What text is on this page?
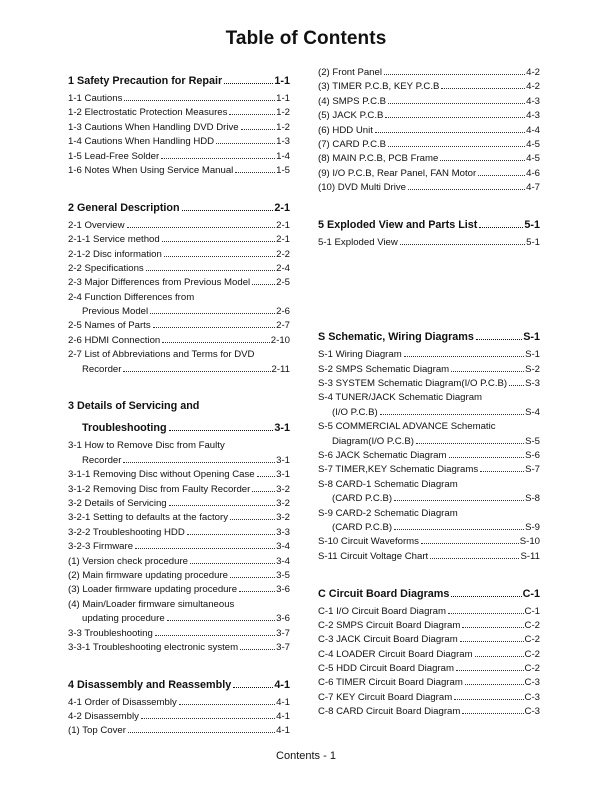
Table of Contents
1 Safety Precaution for Repair	1-1
1-1 Cautions	1-1
1-2 Electrostatic Protection Measures	1-2
1-3 Cautions When Handling DVD Drive	1-2
1-4 Cautions When Handling HDD	1-3
1-5 Lead-Free Solder	1-4
1-6 Notes When Using Service Manual	1-5
2 General Description	2-1
2-1 Overview	2-1
2-1-1 Service method	2-1
2-1-2 Disc information	2-2
2-2 Specifications	2-4
2-3 Major Differences from Previous Model	2-5
2-4 Function Differences from
Previous Model	2-6
2-5 Names of Parts	2-7
2-6 HDMI Connection	2-10
2-7 List of Abbreviations and Terms for DVD
Recorder	2-11
3 Details of Servicing and
Troubleshooting	3-1
3-1 How to Remove Disc from Faulty
Recorder	3-1
3-1-1 Removing Disc without Opening Case 3-1
3-1-2 Removing Disc from Faulty Recorder	3-2
3-2 Details of Servicing	3-2
3-2-1 Setting to defaults at the factory	3-2
3-2-2 Troubleshooting HDD	3-3
3-2-3 Firmware	3-4
(1) Version check procedure	3-4
(2) Main firmware updating procedure	3-5
(3) Loader firmware updating procedure	3-6
(4) Main/Loader firmware simultaneous
updating procedure	3-6
3-3 Troubleshooting	3-7
3-3-1 Troubleshooting electronic system	3-7
4 Disassembly and Reassembly	4-1
4-1 Order of Disassembly	4-1
4-2 Disassembly	4-1
(1) Top Cover	4-1
(2) Front Panel	4-2
(3) TIMER P.C.B, KEY P.C.B	4-2
(4) SMPS P.C.B	4-3
(5) JACK P.C.B	4-3
(6) HDD Unit	4-4
(7) CARD P.C.B	4-5
(8) MAIN P.C.B, PCB Frame	4-5
(9) I/O P.C.B, Rear Panel, FAN Motor	4-6
(10) DVD Multi Drive	4-7
5 Exploded View and Parts List	5-1
5-1 Exploded View	5-1
S Schematic, Wiring Diagrams	S-1
S-1 Wiring Diagram	S-1
S-2 SMPS Schematic Diagram	S-2
S-3 SYSTEM Schematic Diagram(I/O P.C.B) S-3
S-4 TUNER/JACK Schematic Diagram
(I/O P.C.B)	S-4
S-5 COMMERCIAL ADVANCE Schematic
Diagram(I/O P.C.B)	S-5
S-6 JACK Schematic Diagram	S-6
S-7 TIMER,KEY Schematic Diagrams	S-7
S-8 CARD-1 Schematic Diagram
(CARD P.C.B)	S-8
S-9 CARD-2 Schematic Diagram
(CARD P.C.B)	S-9
S-10 Circuit Waveforms	S-10
S-11 Circuit Voltage Chart	S-11
C Circuit Board Diagrams	C-1
C-1 I/O Circuit Board Diagram	C-1
C-2 SMPS Circuit Board Diagram	C-2
C-3 JACK Circuit Board Diagram	C-2
C-4 LOADER Circuit Board Diagram	C-2
C-5 HDD Circuit Board Diagram	C-2
C-6 TIMER Circuit Board Diagram	C-3
C-7 KEY Circuit Board Diagram	C-3
C-8 CARD Circuit Board Diagram	C-3
Contents - 1
